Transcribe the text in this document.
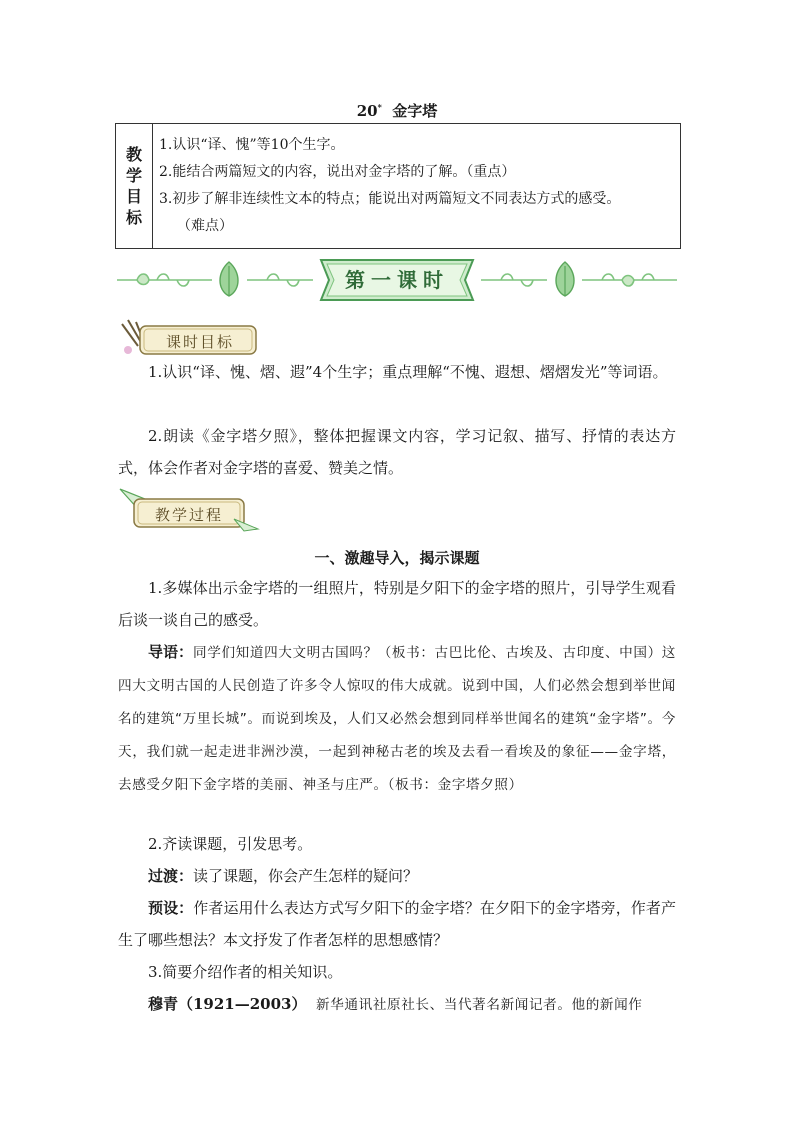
20* 金字塔
教
学
目
标

1.认识“译、愧”等10个生字。
2.能结合两篇短文的内容，说出对金字塔的了解。（重点）
3.初步了解非连续性文本的特点；能说出对两篇短文不同表达方式的感受。
（难点）
第一课时
课时目标
1.认识“译、愧、熠、遐”4个生字；重点理解“不愧、遐想、熠熠发光”等词语。
2.朗读《金字塔夕照》，整体把握课文内容，学习记叙、描写、抒情的表达方式，体会作者对金字塔的喜爱、赞美之情。
教学过程
一、激趣导入，揭示课题
1.多媒体出示金字塔的一组照片，特别是夕阳下的金字塔的照片，引导学生观看后谈一谈自己的感受。
导语：同学们知道四大文明古国吗？（板书：古巴比伦、古埃及、古印度、中国）这四大文明古国的人民创造了许多令人惊叹的伟大成就。说到中国，人们必然会想到举世闻名的建筑“万里长城”。而说到埃及，人们又必然会想到同样举世闻名的建筑“金字塔”。今天，我们就一起走进非洲沙漠，一起到神秘古老的埃及去看一看埃及的象征——金字塔，去感受夕阳下金字塔的美丽、神圣与庄严。（板书：金字塔夕照）
2.齐读课题，引发思考。
过渡：读了课题，你会产生怎样的疑问？
预设：作者运用什么表达方式写夕阳下的金字塔？在夕阳下的金字塔旁，作者产生了哪些想法？本文抒发了作者怎样的思想感情？
3.简要介绍作者的相关知识。
穆青（1921—2003） 新华通讯社原社长、当代著名新闻记者。他的新闻作
